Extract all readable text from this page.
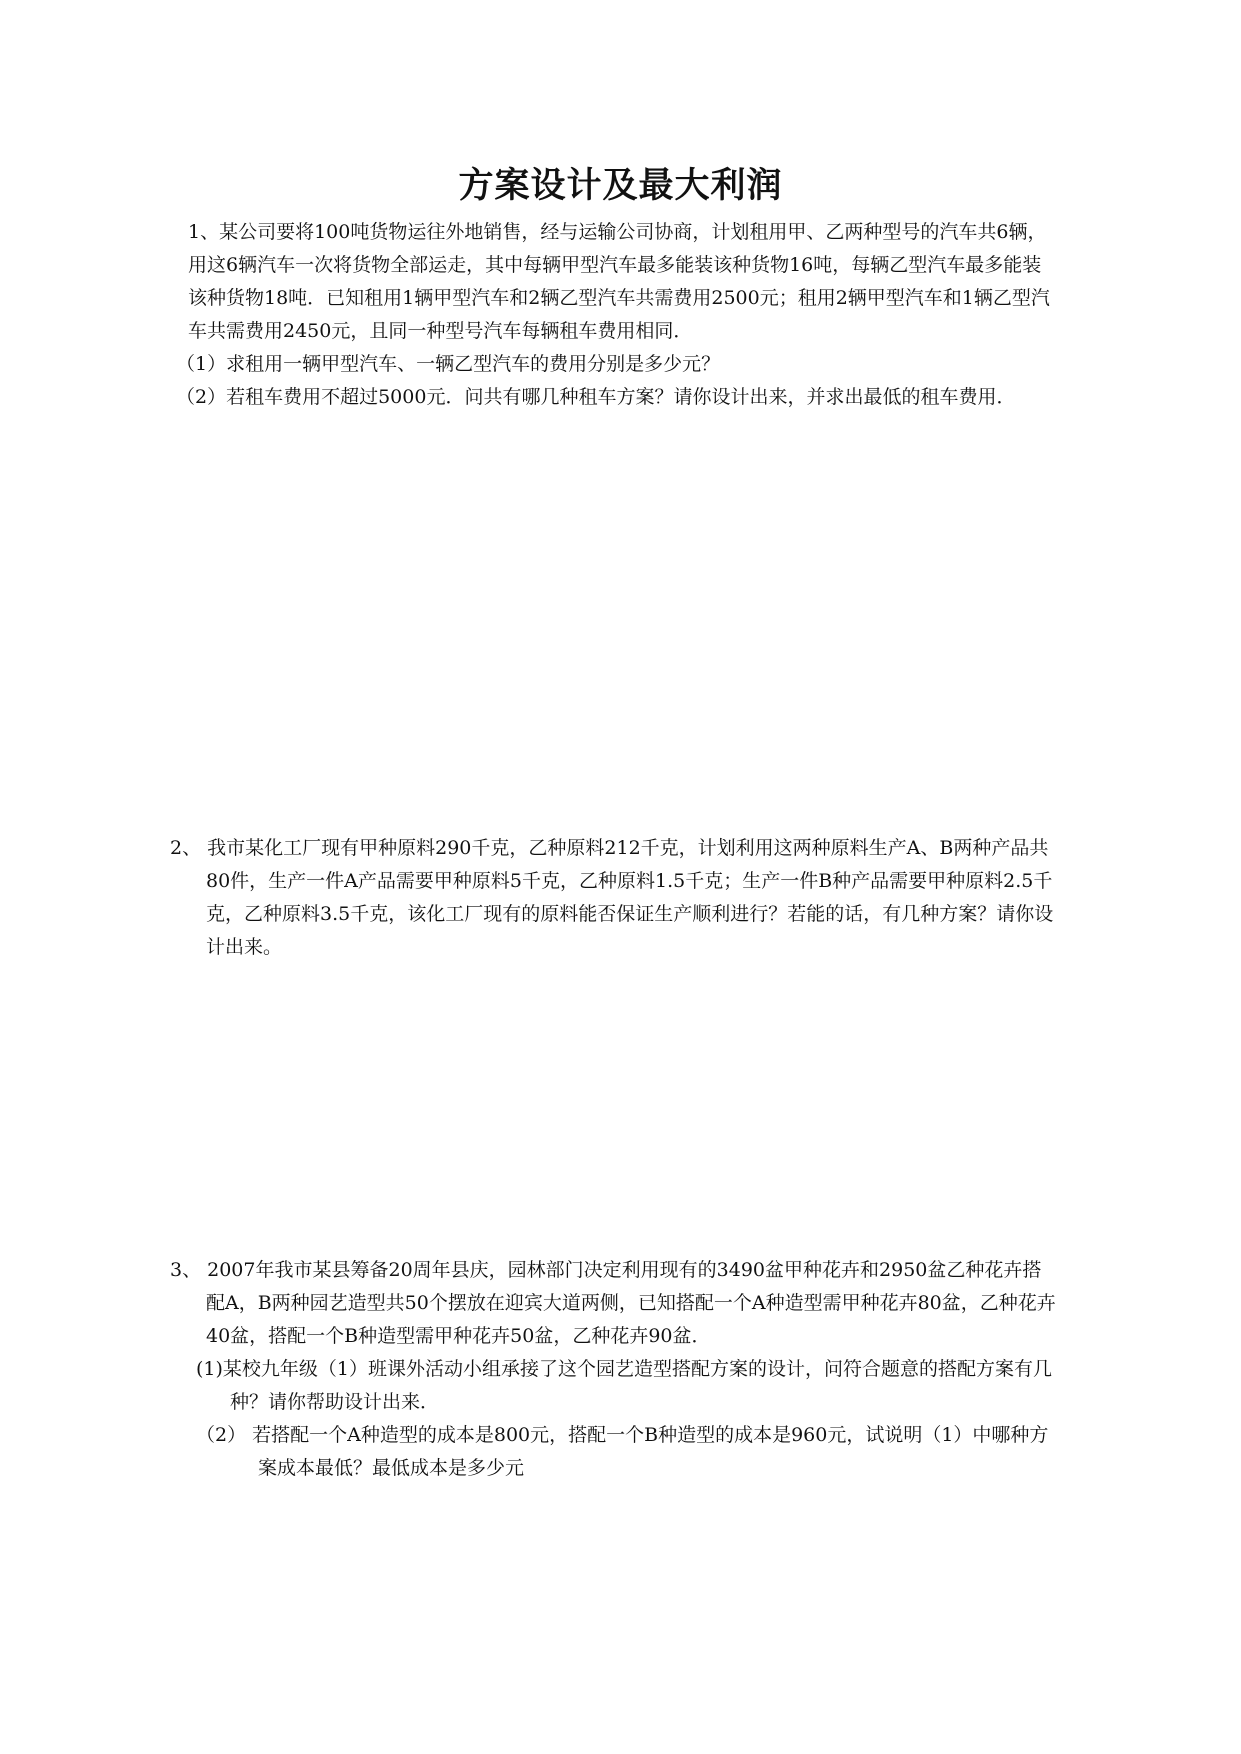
方案设计及最大利润

1、某公司要将100吨货物运往外地销售，经与运输公司协商，计划租用甲、乙两种型号的汽车共6辆，用这6辆汽车一次将货物全部运走，其中每辆甲型汽车最多能装该种货物16吨，每辆乙型汽车最多能装该种货物18吨．已知租用1辆甲型汽车和2辆乙型汽车共需费用2500元；租用2辆甲型汽车和1辆乙型汽车共需费用2450元，且同一种型号汽车每辆租车费用相同．

（1）求租用一辆甲型汽车、一辆乙型汽车的费用分别是多少元？

（2）若租车费用不超过5000元．问共有哪几种租车方案？请你设计出来，并求出最低的租车费用．

2、 我市某化工厂现有甲种原料290千克，乙种原料212千克，计划利用这两种原料生产A、B两种产品共80件，生产一件A产品需要甲种原料5千克，乙种原料1.5千克；生产一件B种产品需要甲种原料2.5千克，乙种原料3.5千克，该化工厂现有的原料能否保证生产顺利进行？若能的话，有几种方案？请你设计出来。

3、 2007年我市某县筹备20周年县庆，园林部门决定利用现有的3490盆甲种花卉和2950盆乙种花卉搭配A，B两种园艺造型共50个摆放在迎宾大道两侧，已知搭配一个A种造型需甲种花卉80盆，乙种花卉40盆，搭配一个B种造型需甲种花卉50盆，乙种花卉90盆．

(1)某校九年级（1）班课外活动小组承接了这个园艺造型搭配方案的设计，问符合题意的搭配方案有几种？请你帮助设计出来．

（2） 若搭配一个A种造型的成本是800元，搭配一个B种造型的成本是960元，试说明（1）中哪种方案成本最低？最低成本是多少元
